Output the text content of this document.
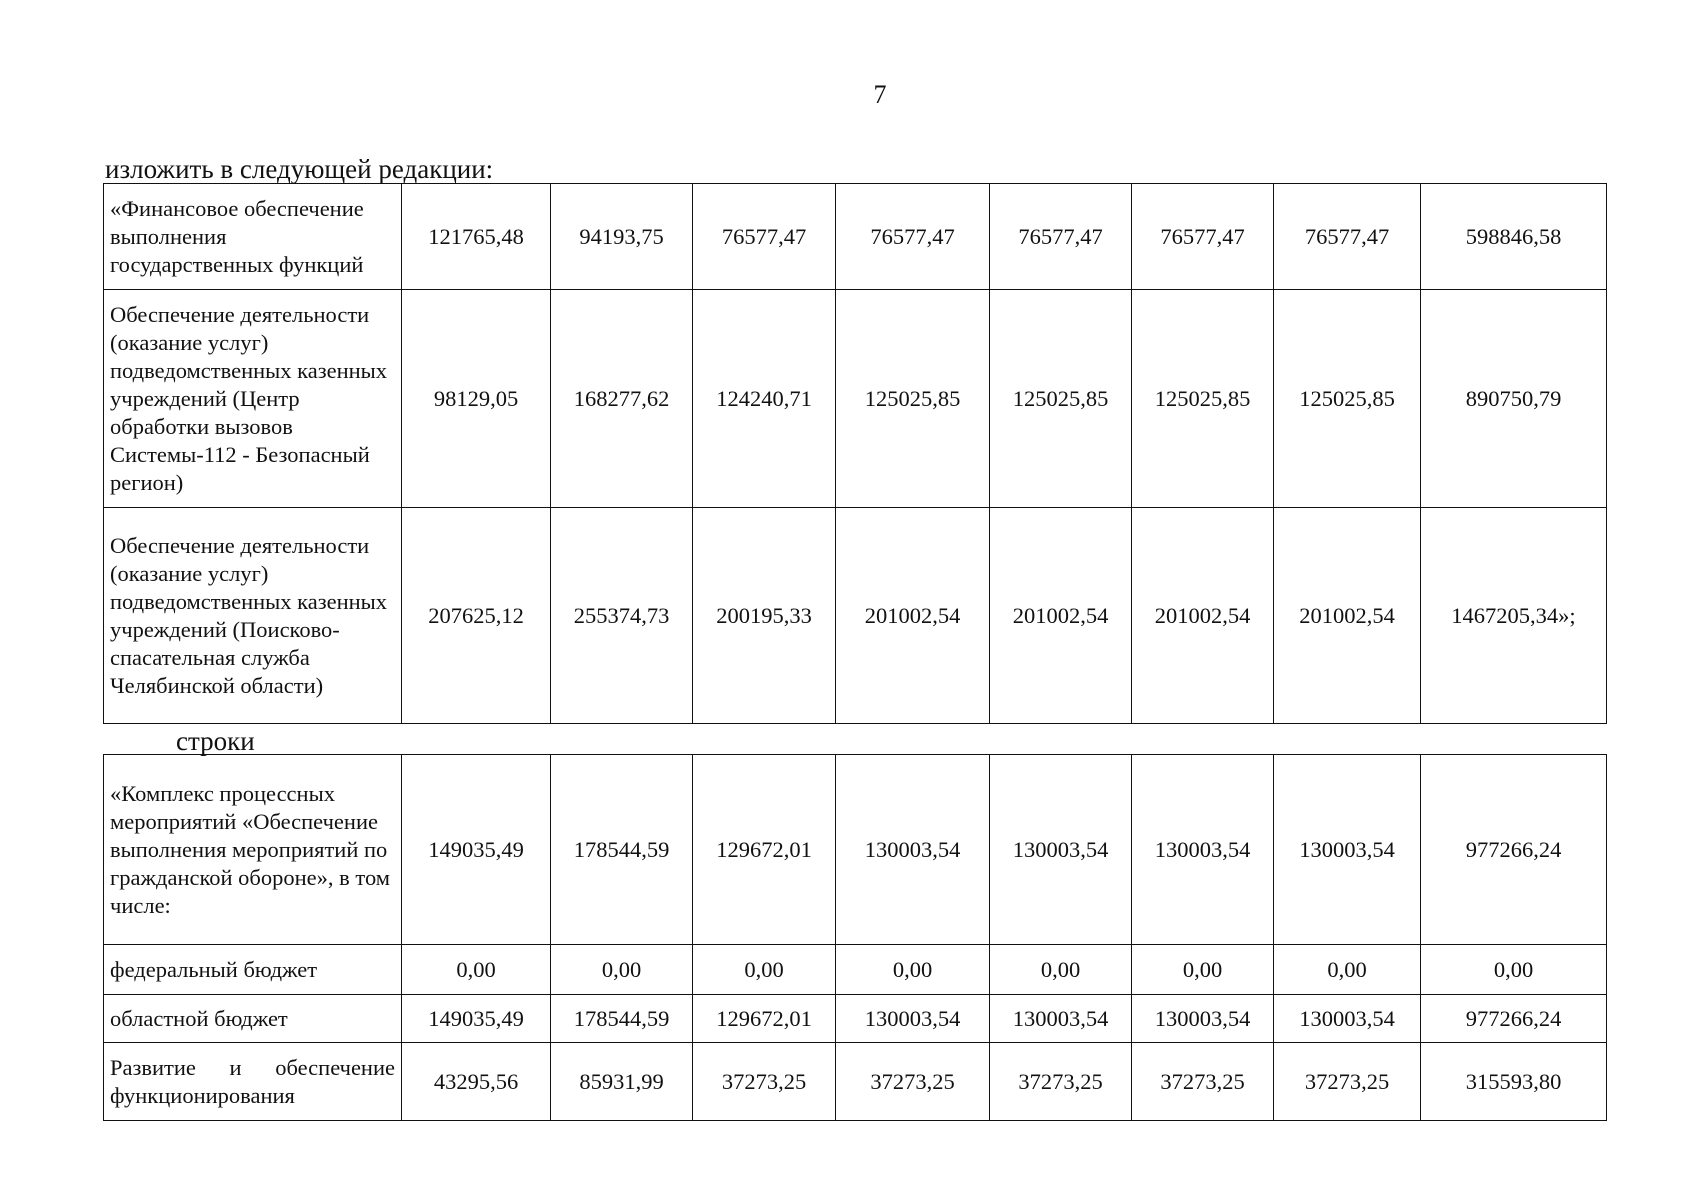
7
изложить в следующей редакции:
«Финансовое обеспечение выполнения государственных функций	121765,48	94193,75	76577,47	76577,47	76577,47	76577,47	76577,47	598846,58
Обеспечение деятельности (оказание услуг) подведомственных казенных учреждений (Центр обработки вызовов Системы-112 - Безопасный регион)	98129,05	168277,62	124240,71	125025,85	125025,85	125025,85	125025,85	890750,79
Обеспечение деятельности (оказание услуг) подведомственных казенных учреждений (Поисково-спасательная служба Челябинской области)	207625,12	255374,73	200195,33	201002,54	201002,54	201002,54	201002,54	1467205,34»;
строки
«Комплекс процессных мероприятий «Обеспечение выполнения мероприятий по гражданской обороне», в том числе:	149035,49	178544,59	129672,01	130003,54	130003,54	130003,54	130003,54	977266,24
федеральный бюджет	0,00	0,00	0,00	0,00	0,00	0,00	0,00	0,00
областной бюджет	149035,49	178544,59	129672,01	130003,54	130003,54	130003,54	130003,54	977266,24
Развитие и обеспечение функционирования	43295,56	85931,99	37273,25	37273,25	37273,25	37273,25	37273,25	315593,80
